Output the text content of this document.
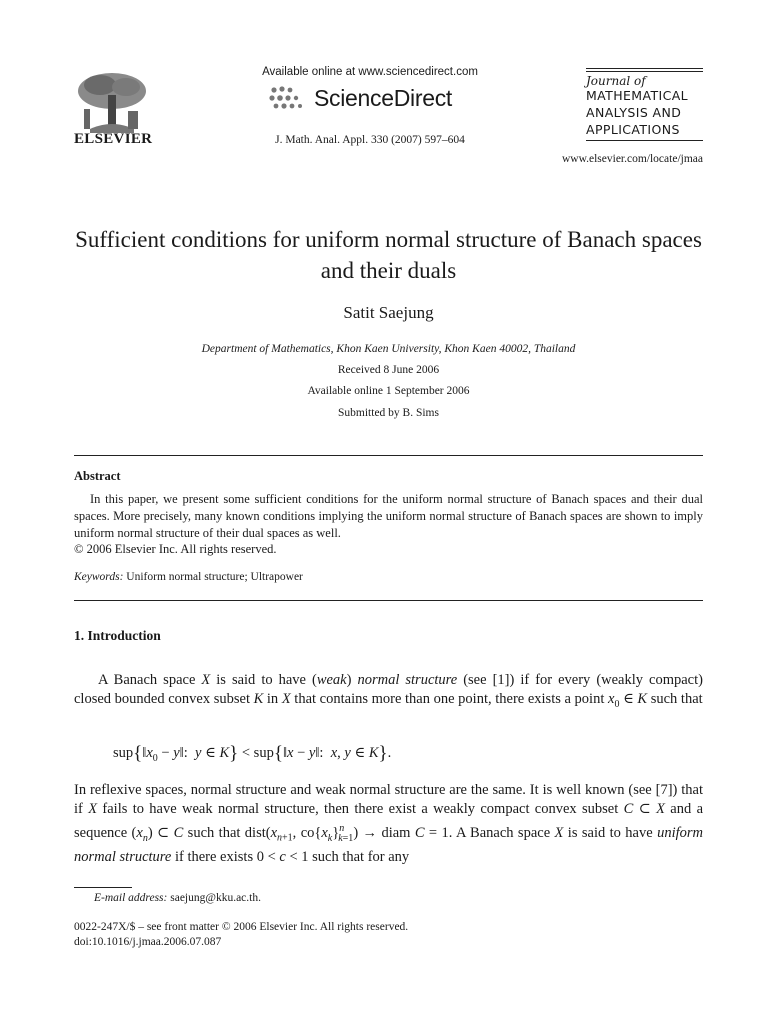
ELSEVIER
Available online at www.sciencedirect.com
ScienceDirect
J. Math. Anal. Appl. 330 (2007) 597–604
Journal of
MATHEMATICAL
ANALYSIS AND
APPLICATIONS
www.elsevier.com/locate/jmaa
Sufficient conditions for uniform normal structure of Banach spaces and their duals
Satit Saejung
Department of Mathematics, Khon Kaen University, Khon Kaen 40002, Thailand
Received 8 June 2006
Available online 1 September 2006
Submitted by B. Sims
Abstract
In this paper, we present some sufficient conditions for the uniform normal structure of Banach spaces and their dual spaces. More precisely, many known conditions implying the uniform normal structure of Banach spaces are shown to imply uniform normal structure of their dual spaces as well.
© 2006 Elsevier Inc. All rights reserved.
Keywords: Uniform normal structure; Ultrapower
1. Introduction
A Banach space X is said to have (weak) normal structure (see [1]) if for every (weakly compact) closed bounded convex subset K in X that contains more than one point, there exists a point $x_0$ ∈ K such that
$sup\{‖x_0$ − y‖:  y ∈ K} < sup{‖x − y‖:  x, y ∈ K}.
In reflexive spaces, normal structure and weak normal structure are the same. It is well known (see [7]) that if X fails to have weak normal structure, then there exist a weakly compact convex subset C ⊂ X and a sequence $(x_n)$ ⊂ C such that $dist(x_{n+1}$, $co\{x_k\}^n_{k=1}$) → diam C = 1. A Banach space X is said to have uniform normal structure if there exists 0 < c < 1 such that for any
E-mail address: saejung@kku.ac.th.
0022-247X/$ – see front matter © 2006 Elsevier Inc. All rights reserved.
doi:10.1016/j.jmaa.2006.07.087
